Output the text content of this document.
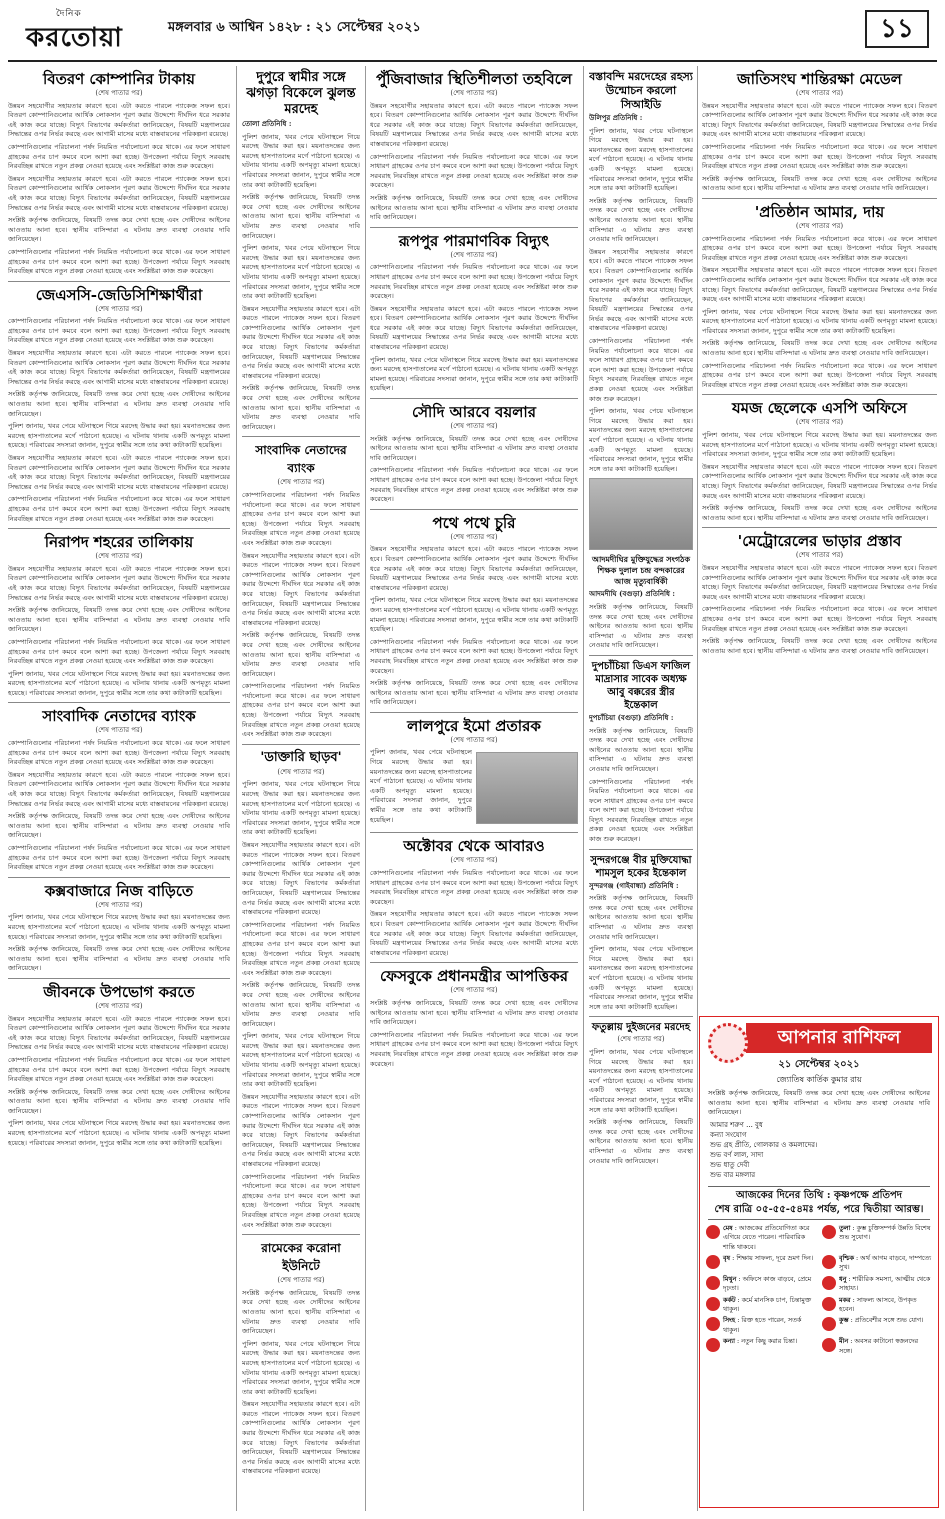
দৈনিক
করতোয়া	মঙ্গলবার ৬ আশ্বিন ১৪২৮ : ২১ সেপ্টেম্বর ২০২১	১১
বিতরণ কোম্পানির টাকায়
(শেষ পাতার পর)

উন্নয়ন সহযোগীর সহায়তার কারণে হবে। এটা করতে পারলে প্যাকেজ সফল হবে। বিতরণ কোম্পানিগুলোর আর্থিক লোকসান পূরণ করার উদ্দেশ্যে দীর্ঘদিন ধরে সরকার এই কাজ করে যাচ্ছে। বিদ্যুৎ বিভাগের কর্মকর্তারা জানিয়েছেন, বিষয়টি মন্ত্রণালয়ের সিদ্ধান্তের ওপর নির্ভর করছে এবং আগামী মাসের মধ্যে বাস্তবায়নের পরিকল্পনা রয়েছে।

কোম্পানিগুলোর পরিচালনা পর্ষদ নিয়মিত পর্যালোচনা করে থাকে। এর ফলে সাধারণ গ্রাহকের ওপর চাপ কমবে বলে আশা করা হচ্ছে। উপজেলা পর্যায়ে বিদ্যুৎ সরবরাহ নিরবচ্ছিন্ন রাখতে নতুন প্রকল্প নেওয়া হয়েছে এবং সংশ্লিষ্টরা কাজ শুরু করেছেন।

উন্নয়ন সহযোগীর সহায়তার কারণে হবে। এটা করতে পারলে প্যাকেজ সফল হবে। বিতরণ কোম্পানিগুলোর আর্থিক লোকসান পূরণ করার উদ্দেশ্যে দীর্ঘদিন ধরে সরকার এই কাজ করে যাচ্ছে। বিদ্যুৎ বিভাগের কর্মকর্তারা জানিয়েছেন, বিষয়টি মন্ত্রণালয়ের সিদ্ধান্তের ওপর নির্ভর করছে এবং আগামী মাসের মধ্যে বাস্তবায়নের পরিকল্পনা রয়েছে।

সংশ্লিষ্ট কর্তৃপক্ষ জানিয়েছে, বিষয়টি তদন্ত করে দেখা হচ্ছে এবং দোষীদের আইনের আওতায় আনা হবে। স্থানীয় বাসিন্দারা এ ঘটনায় দ্রুত ব্যবস্থা নেওয়ার দাবি জানিয়েছেন।

কোম্পানিগুলোর পরিচালনা পর্ষদ নিয়মিত পর্যালোচনা করে থাকে। এর ফলে সাধারণ গ্রাহকের ওপর চাপ কমবে বলে আশা করা হচ্ছে। উপজেলা পর্যায়ে বিদ্যুৎ সরবরাহ নিরবচ্ছিন্ন রাখতে নতুন প্রকল্প নেওয়া হয়েছে এবং সংশ্লিষ্টরা কাজ শুরু করেছেন।

জেএসসি-জেডিসিশিক্ষার্থীরা
(শেষ পাতার পর)

কোম্পানিগুলোর পরিচালনা পর্ষদ নিয়মিত পর্যালোচনা করে থাকে। এর ফলে সাধারণ গ্রাহকের ওপর চাপ কমবে বলে আশা করা হচ্ছে। উপজেলা পর্যায়ে বিদ্যুৎ সরবরাহ নিরবচ্ছিন্ন রাখতে নতুন প্রকল্প নেওয়া হয়েছে এবং সংশ্লিষ্টরা কাজ শুরু করেছেন।

উন্নয়ন সহযোগীর সহায়তার কারণে হবে। এটা করতে পারলে প্যাকেজ সফল হবে। বিতরণ কোম্পানিগুলোর আর্থিক লোকসান পূরণ করার উদ্দেশ্যে দীর্ঘদিন ধরে সরকার এই কাজ করে যাচ্ছে। বিদ্যুৎ বিভাগের কর্মকর্তারা জানিয়েছেন, বিষয়টি মন্ত্রণালয়ের সিদ্ধান্তের ওপর নির্ভর করছে এবং আগামী মাসের মধ্যে বাস্তবায়নের পরিকল্পনা রয়েছে।

সংশ্লিষ্ট কর্তৃপক্ষ জানিয়েছে, বিষয়টি তদন্ত করে দেখা হচ্ছে এবং দোষীদের আইনের আওতায় আনা হবে। স্থানীয় বাসিন্দারা এ ঘটনায় দ্রুত ব্যবস্থা নেওয়ার দাবি জানিয়েছেন।

পুলিশ জানায়, খবর পেয়ে ঘটনাস্থলে গিয়ে মরদেহ উদ্ধার করা হয়। ময়নাতদন্তের জন্য মরদেহ হাসপাতালের মর্গে পাঠানো হয়েছে। এ ঘটনায় থানায় একটি অপমৃত্যু মামলা হয়েছে। পরিবারের সদস্যরা জানান, দুপুরে স্বামীর সঙ্গে তার কথা কাটাকাটি হয়েছিল।

উন্নয়ন সহযোগীর সহায়তার কারণে হবে। এটা করতে পারলে প্যাকেজ সফল হবে। বিতরণ কোম্পানিগুলোর আর্থিক লোকসান পূরণ করার উদ্দেশ্যে দীর্ঘদিন ধরে সরকার এই কাজ করে যাচ্ছে। বিদ্যুৎ বিভাগের কর্মকর্তারা জানিয়েছেন, বিষয়টি মন্ত্রণালয়ের সিদ্ধান্তের ওপর নির্ভর করছে এবং আগামী মাসের মধ্যে বাস্তবায়নের পরিকল্পনা রয়েছে।

কোম্পানিগুলোর পরিচালনা পর্ষদ নিয়মিত পর্যালোচনা করে থাকে। এর ফলে সাধারণ গ্রাহকের ওপর চাপ কমবে বলে আশা করা হচ্ছে। উপজেলা পর্যায়ে বিদ্যুৎ সরবরাহ নিরবচ্ছিন্ন রাখতে নতুন প্রকল্প নেওয়া হয়েছে এবং সংশ্লিষ্টরা কাজ শুরু করেছেন।

নিরাপদ শহরের তালিকায়
(শেষ পাতার পর)

উন্নয়ন সহযোগীর সহায়তার কারণে হবে। এটা করতে পারলে প্যাকেজ সফল হবে। বিতরণ কোম্পানিগুলোর আর্থিক লোকসান পূরণ করার উদ্দেশ্যে দীর্ঘদিন ধরে সরকার এই কাজ করে যাচ্ছে। বিদ্যুৎ বিভাগের কর্মকর্তারা জানিয়েছেন, বিষয়টি মন্ত্রণালয়ের সিদ্ধান্তের ওপর নির্ভর করছে এবং আগামী মাসের মধ্যে বাস্তবায়নের পরিকল্পনা রয়েছে।

সংশ্লিষ্ট কর্তৃপক্ষ জানিয়েছে, বিষয়টি তদন্ত করে দেখা হচ্ছে এবং দোষীদের আইনের আওতায় আনা হবে। স্থানীয় বাসিন্দারা এ ঘটনায় দ্রুত ব্যবস্থা নেওয়ার দাবি জানিয়েছেন।

কোম্পানিগুলোর পরিচালনা পর্ষদ নিয়মিত পর্যালোচনা করে থাকে। এর ফলে সাধারণ গ্রাহকের ওপর চাপ কমবে বলে আশা করা হচ্ছে। উপজেলা পর্যায়ে বিদ্যুৎ সরবরাহ নিরবচ্ছিন্ন রাখতে নতুন প্রকল্প নেওয়া হয়েছে এবং সংশ্লিষ্টরা কাজ শুরু করেছেন।

পুলিশ জানায়, খবর পেয়ে ঘটনাস্থলে গিয়ে মরদেহ উদ্ধার করা হয়। ময়নাতদন্তের জন্য মরদেহ হাসপাতালের মর্গে পাঠানো হয়েছে। এ ঘটনায় থানায় একটি অপমৃত্যু মামলা হয়েছে। পরিবারের সদস্যরা জানান, দুপুরে স্বামীর সঙ্গে তার কথা কাটাকাটি হয়েছিল।

সাংবাদিক নেতাদের ব্যাংক
(শেষ পাতার পর)

কোম্পানিগুলোর পরিচালনা পর্ষদ নিয়মিত পর্যালোচনা করে থাকে। এর ফলে সাধারণ গ্রাহকের ওপর চাপ কমবে বলে আশা করা হচ্ছে। উপজেলা পর্যায়ে বিদ্যুৎ সরবরাহ নিরবচ্ছিন্ন রাখতে নতুন প্রকল্প নেওয়া হয়েছে এবং সংশ্লিষ্টরা কাজ শুরু করেছেন।

উন্নয়ন সহযোগীর সহায়তার কারণে হবে। এটা করতে পারলে প্যাকেজ সফল হবে। বিতরণ কোম্পানিগুলোর আর্থিক লোকসান পূরণ করার উদ্দেশ্যে দীর্ঘদিন ধরে সরকার এই কাজ করে যাচ্ছে। বিদ্যুৎ বিভাগের কর্মকর্তারা জানিয়েছেন, বিষয়টি মন্ত্রণালয়ের সিদ্ধান্তের ওপর নির্ভর করছে এবং আগামী মাসের মধ্যে বাস্তবায়নের পরিকল্পনা রয়েছে।

সংশ্লিষ্ট কর্তৃপক্ষ জানিয়েছে, বিষয়টি তদন্ত করে দেখা হচ্ছে এবং দোষীদের আইনের আওতায় আনা হবে। স্থানীয় বাসিন্দারা এ ঘটনায় দ্রুত ব্যবস্থা নেওয়ার দাবি জানিয়েছেন।

কোম্পানিগুলোর পরিচালনা পর্ষদ নিয়মিত পর্যালোচনা করে থাকে। এর ফলে সাধারণ গ্রাহকের ওপর চাপ কমবে বলে আশা করা হচ্ছে। উপজেলা পর্যায়ে বিদ্যুৎ সরবরাহ নিরবচ্ছিন্ন রাখতে নতুন প্রকল্প নেওয়া হয়েছে এবং সংশ্লিষ্টরা কাজ শুরু করেছেন।

কক্সবাজারে নিজ বাড়িতে
(শেষ পাতার পর)

পুলিশ জানায়, খবর পেয়ে ঘটনাস্থলে গিয়ে মরদেহ উদ্ধার করা হয়। ময়নাতদন্তের জন্য মরদেহ হাসপাতালের মর্গে পাঠানো হয়েছে। এ ঘটনায় থানায় একটি অপমৃত্যু মামলা হয়েছে। পরিবারের সদস্যরা জানান, দুপুরে স্বামীর সঙ্গে তার কথা কাটাকাটি হয়েছিল।

সংশ্লিষ্ট কর্তৃপক্ষ জানিয়েছে, বিষয়টি তদন্ত করে দেখা হচ্ছে এবং দোষীদের আইনের আওতায় আনা হবে। স্থানীয় বাসিন্দারা এ ঘটনায় দ্রুত ব্যবস্থা নেওয়ার দাবি জানিয়েছেন।

জীবনকে উপভোগ করতে
(শেষ পাতার পর)

উন্নয়ন সহযোগীর সহায়তার কারণে হবে। এটা করতে পারলে প্যাকেজ সফল হবে। বিতরণ কোম্পানিগুলোর আর্থিক লোকসান পূরণ করার উদ্দেশ্যে দীর্ঘদিন ধরে সরকার এই কাজ করে যাচ্ছে। বিদ্যুৎ বিভাগের কর্মকর্তারা জানিয়েছেন, বিষয়টি মন্ত্রণালয়ের সিদ্ধান্তের ওপর নির্ভর করছে এবং আগামী মাসের মধ্যে বাস্তবায়নের পরিকল্পনা রয়েছে।

কোম্পানিগুলোর পরিচালনা পর্ষদ নিয়মিত পর্যালোচনা করে থাকে। এর ফলে সাধারণ গ্রাহকের ওপর চাপ কমবে বলে আশা করা হচ্ছে। উপজেলা পর্যায়ে বিদ্যুৎ সরবরাহ নিরবচ্ছিন্ন রাখতে নতুন প্রকল্প নেওয়া হয়েছে এবং সংশ্লিষ্টরা কাজ শুরু করেছেন।

সংশ্লিষ্ট কর্তৃপক্ষ জানিয়েছে, বিষয়টি তদন্ত করে দেখা হচ্ছে এবং দোষীদের আইনের আওতায় আনা হবে। স্থানীয় বাসিন্দারা এ ঘটনায় দ্রুত ব্যবস্থা নেওয়ার দাবি জানিয়েছেন।

পুলিশ জানায়, খবর পেয়ে ঘটনাস্থলে গিয়ে মরদেহ উদ্ধার করা হয়। ময়নাতদন্তের জন্য মরদেহ হাসপাতালের মর্গে পাঠানো হয়েছে। এ ঘটনায় থানায় একটি অপমৃত্যু মামলা হয়েছে। পরিবারের সদস্যরা জানান, দুপুরে স্বামীর সঙ্গে তার কথা কাটাকাটি হয়েছিল।

দুপুরে স্বামীর সঙ্গে ঝগড়া বিকেলে ঝুলন্ত মরদেহ

তোলা প্রতিনিধি :

পুলিশ জানায়, খবর পেয়ে ঘটনাস্থলে গিয়ে মরদেহ উদ্ধার করা হয়। ময়নাতদন্তের জন্য মরদেহ হাসপাতালের মর্গে পাঠানো হয়েছে। এ ঘটনায় থানায় একটি অপমৃত্যু মামলা হয়েছে। পরিবারের সদস্যরা জানান, দুপুরে স্বামীর সঙ্গে তার কথা কাটাকাটি হয়েছিল।

সংশ্লিষ্ট কর্তৃপক্ষ জানিয়েছে, বিষয়টি তদন্ত করে দেখা হচ্ছে এবং দোষীদের আইনের আওতায় আনা হবে। স্থানীয় বাসিন্দারা এ ঘটনায় দ্রুত ব্যবস্থা নেওয়ার দাবি জানিয়েছেন।

পুলিশ জানায়, খবর পেয়ে ঘটনাস্থলে গিয়ে মরদেহ উদ্ধার করা হয়। ময়নাতদন্তের জন্য মরদেহ হাসপাতালের মর্গে পাঠানো হয়েছে। এ ঘটনায় থানায় একটি অপমৃত্যু মামলা হয়েছে। পরিবারের সদস্যরা জানান, দুপুরে স্বামীর সঙ্গে তার কথা কাটাকাটি হয়েছিল।

উন্নয়ন সহযোগীর সহায়তার কারণে হবে। এটা করতে পারলে প্যাকেজ সফল হবে। বিতরণ কোম্পানিগুলোর আর্থিক লোকসান পূরণ করার উদ্দেশ্যে দীর্ঘদিন ধরে সরকার এই কাজ করে যাচ্ছে। বিদ্যুৎ বিভাগের কর্মকর্তারা জানিয়েছেন, বিষয়টি মন্ত্রণালয়ের সিদ্ধান্তের ওপর নির্ভর করছে এবং আগামী মাসের মধ্যে বাস্তবায়নের পরিকল্পনা রয়েছে।

সংশ্লিষ্ট কর্তৃপক্ষ জানিয়েছে, বিষয়টি তদন্ত করে দেখা হচ্ছে এবং দোষীদের আইনের আওতায় আনা হবে। স্থানীয় বাসিন্দারা এ ঘটনায় দ্রুত ব্যবস্থা নেওয়ার দাবি জানিয়েছেন।

সাংবাদিক নেতাদের ব্যাংক
(শেষ পাতার পর)

কোম্পানিগুলোর পরিচালনা পর্ষদ নিয়মিত পর্যালোচনা করে থাকে। এর ফলে সাধারণ গ্রাহকের ওপর চাপ কমবে বলে আশা করা হচ্ছে। উপজেলা পর্যায়ে বিদ্যুৎ সরবরাহ নিরবচ্ছিন্ন রাখতে নতুন প্রকল্প নেওয়া হয়েছে এবং সংশ্লিষ্টরা কাজ শুরু করেছেন।

উন্নয়ন সহযোগীর সহায়তার কারণে হবে। এটা করতে পারলে প্যাকেজ সফল হবে। বিতরণ কোম্পানিগুলোর আর্থিক লোকসান পূরণ করার উদ্দেশ্যে দীর্ঘদিন ধরে সরকার এই কাজ করে যাচ্ছে। বিদ্যুৎ বিভাগের কর্মকর্তারা জানিয়েছেন, বিষয়টি মন্ত্রণালয়ের সিদ্ধান্তের ওপর নির্ভর করছে এবং আগামী মাসের মধ্যে বাস্তবায়নের পরিকল্পনা রয়েছে।

সংশ্লিষ্ট কর্তৃপক্ষ জানিয়েছে, বিষয়টি তদন্ত করে দেখা হচ্ছে এবং দোষীদের আইনের আওতায় আনা হবে। স্থানীয় বাসিন্দারা এ ঘটনায় দ্রুত ব্যবস্থা নেওয়ার দাবি জানিয়েছেন।

কোম্পানিগুলোর পরিচালনা পর্ষদ নিয়মিত পর্যালোচনা করে থাকে। এর ফলে সাধারণ গ্রাহকের ওপর চাপ কমবে বলে আশা করা হচ্ছে। উপজেলা পর্যায়ে বিদ্যুৎ সরবরাহ নিরবচ্ছিন্ন রাখতে নতুন প্রকল্প নেওয়া হয়েছে এবং সংশ্লিষ্টরা কাজ শুরু করেছেন।

'ডাক্তারি ছাড়ব'
(শেষ পাতার পর)

পুলিশ জানায়, খবর পেয়ে ঘটনাস্থলে গিয়ে মরদেহ উদ্ধার করা হয়। ময়নাতদন্তের জন্য মরদেহ হাসপাতালের মর্গে পাঠানো হয়েছে। এ ঘটনায় থানায় একটি অপমৃত্যু মামলা হয়েছে। পরিবারের সদস্যরা জানান, দুপুরে স্বামীর সঙ্গে তার কথা কাটাকাটি হয়েছিল।

উন্নয়ন সহযোগীর সহায়তার কারণে হবে। এটা করতে পারলে প্যাকেজ সফল হবে। বিতরণ কোম্পানিগুলোর আর্থিক লোকসান পূরণ করার উদ্দেশ্যে দীর্ঘদিন ধরে সরকার এই কাজ করে যাচ্ছে। বিদ্যুৎ বিভাগের কর্মকর্তারা জানিয়েছেন, বিষয়টি মন্ত্রণালয়ের সিদ্ধান্তের ওপর নির্ভর করছে এবং আগামী মাসের মধ্যে বাস্তবায়নের পরিকল্পনা রয়েছে।

কোম্পানিগুলোর পরিচালনা পর্ষদ নিয়মিত পর্যালোচনা করে থাকে। এর ফলে সাধারণ গ্রাহকের ওপর চাপ কমবে বলে আশা করা হচ্ছে। উপজেলা পর্যায়ে বিদ্যুৎ সরবরাহ নিরবচ্ছিন্ন রাখতে নতুন প্রকল্প নেওয়া হয়েছে এবং সংশ্লিষ্টরা কাজ শুরু করেছেন।

সংশ্লিষ্ট কর্তৃপক্ষ জানিয়েছে, বিষয়টি তদন্ত করে দেখা হচ্ছে এবং দোষীদের আইনের আওতায় আনা হবে। স্থানীয় বাসিন্দারা এ ঘটনায় দ্রুত ব্যবস্থা নেওয়ার দাবি জানিয়েছেন।

পুলিশ জানায়, খবর পেয়ে ঘটনাস্থলে গিয়ে মরদেহ উদ্ধার করা হয়। ময়নাতদন্তের জন্য মরদেহ হাসপাতালের মর্গে পাঠানো হয়েছে। এ ঘটনায় থানায় একটি অপমৃত্যু মামলা হয়েছে। পরিবারের সদস্যরা জানান, দুপুরে স্বামীর সঙ্গে তার কথা কাটাকাটি হয়েছিল।

উন্নয়ন সহযোগীর সহায়তার কারণে হবে। এটা করতে পারলে প্যাকেজ সফল হবে। বিতরণ কোম্পানিগুলোর আর্থিক লোকসান পূরণ করার উদ্দেশ্যে দীর্ঘদিন ধরে সরকার এই কাজ করে যাচ্ছে। বিদ্যুৎ বিভাগের কর্মকর্তারা জানিয়েছেন, বিষয়টি মন্ত্রণালয়ের সিদ্ধান্তের ওপর নির্ভর করছে এবং আগামী মাসের মধ্যে বাস্তবায়নের পরিকল্পনা রয়েছে।

কোম্পানিগুলোর পরিচালনা পর্ষদ নিয়মিত পর্যালোচনা করে থাকে। এর ফলে সাধারণ গ্রাহকের ওপর চাপ কমবে বলে আশা করা হচ্ছে। উপজেলা পর্যায়ে বিদ্যুৎ সরবরাহ নিরবচ্ছিন্ন রাখতে নতুন প্রকল্প নেওয়া হয়েছে এবং সংশ্লিষ্টরা কাজ শুরু করেছেন।

রামেকের করোনা ইউনিটে
(শেষ পাতার পর)

সংশ্লিষ্ট কর্তৃপক্ষ জানিয়েছে, বিষয়টি তদন্ত করে দেখা হচ্ছে এবং দোষীদের আইনের আওতায় আনা হবে। স্থানীয় বাসিন্দারা এ ঘটনায় দ্রুত ব্যবস্থা নেওয়ার দাবি জানিয়েছেন।

পুলিশ জানায়, খবর পেয়ে ঘটনাস্থলে গিয়ে মরদেহ উদ্ধার করা হয়। ময়নাতদন্তের জন্য মরদেহ হাসপাতালের মর্গে পাঠানো হয়েছে। এ ঘটনায় থানায় একটি অপমৃত্যু মামলা হয়েছে। পরিবারের সদস্যরা জানান, দুপুরে স্বামীর সঙ্গে তার কথা কাটাকাটি হয়েছিল।

উন্নয়ন সহযোগীর সহায়তার কারণে হবে। এটা করতে পারলে প্যাকেজ সফল হবে। বিতরণ কোম্পানিগুলোর আর্থিক লোকসান পূরণ করার উদ্দেশ্যে দীর্ঘদিন ধরে সরকার এই কাজ করে যাচ্ছে। বিদ্যুৎ বিভাগের কর্মকর্তারা জানিয়েছেন, বিষয়টি মন্ত্রণালয়ের সিদ্ধান্তের ওপর নির্ভর করছে এবং আগামী মাসের মধ্যে বাস্তবায়নের পরিকল্পনা রয়েছে।

পুঁজিবাজার স্থিতিশীলতা তহবিলে
(শেষ পাতার পর)

উন্নয়ন সহযোগীর সহায়তার কারণে হবে। এটা করতে পারলে প্যাকেজ সফল হবে। বিতরণ কোম্পানিগুলোর আর্থিক লোকসান পূরণ করার উদ্দেশ্যে দীর্ঘদিন ধরে সরকার এই কাজ করে যাচ্ছে। বিদ্যুৎ বিভাগের কর্মকর্তারা জানিয়েছেন, বিষয়টি মন্ত্রণালয়ের সিদ্ধান্তের ওপর নির্ভর করছে এবং আগামী মাসের মধ্যে বাস্তবায়নের পরিকল্পনা রয়েছে।

কোম্পানিগুলোর পরিচালনা পর্ষদ নিয়মিত পর্যালোচনা করে থাকে। এর ফলে সাধারণ গ্রাহকের ওপর চাপ কমবে বলে আশা করা হচ্ছে। উপজেলা পর্যায়ে বিদ্যুৎ সরবরাহ নিরবচ্ছিন্ন রাখতে নতুন প্রকল্প নেওয়া হয়েছে এবং সংশ্লিষ্টরা কাজ শুরু করেছেন।

সংশ্লিষ্ট কর্তৃপক্ষ জানিয়েছে, বিষয়টি তদন্ত করে দেখা হচ্ছে এবং দোষীদের আইনের আওতায় আনা হবে। স্থানীয় বাসিন্দারা এ ঘটনায় দ্রুত ব্যবস্থা নেওয়ার দাবি জানিয়েছেন।

রূপপুর পারমাণবিক বিদ্যুৎ
(শেষ পাতার পর)

কোম্পানিগুলোর পরিচালনা পর্ষদ নিয়মিত পর্যালোচনা করে থাকে। এর ফলে সাধারণ গ্রাহকের ওপর চাপ কমবে বলে আশা করা হচ্ছে। উপজেলা পর্যায়ে বিদ্যুৎ সরবরাহ নিরবচ্ছিন্ন রাখতে নতুন প্রকল্প নেওয়া হয়েছে এবং সংশ্লিষ্টরা কাজ শুরু করেছেন।

উন্নয়ন সহযোগীর সহায়তার কারণে হবে। এটা করতে পারলে প্যাকেজ সফল হবে। বিতরণ কোম্পানিগুলোর আর্থিক লোকসান পূরণ করার উদ্দেশ্যে দীর্ঘদিন ধরে সরকার এই কাজ করে যাচ্ছে। বিদ্যুৎ বিভাগের কর্মকর্তারা জানিয়েছেন, বিষয়টি মন্ত্রণালয়ের সিদ্ধান্তের ওপর নির্ভর করছে এবং আগামী মাসের মধ্যে বাস্তবায়নের পরিকল্পনা রয়েছে।

পুলিশ জানায়, খবর পেয়ে ঘটনাস্থলে গিয়ে মরদেহ উদ্ধার করা হয়। ময়নাতদন্তের জন্য মরদেহ হাসপাতালের মর্গে পাঠানো হয়েছে। এ ঘটনায় থানায় একটি অপমৃত্যু মামলা হয়েছে। পরিবারের সদস্যরা জানান, দুপুরে স্বামীর সঙ্গে তার কথা কাটাকাটি হয়েছিল।

সৌদি আরবে বয়লার
(শেষ পাতার পর)

সংশ্লিষ্ট কর্তৃপক্ষ জানিয়েছে, বিষয়টি তদন্ত করে দেখা হচ্ছে এবং দোষীদের আইনের আওতায় আনা হবে। স্থানীয় বাসিন্দারা এ ঘটনায় দ্রুত ব্যবস্থা নেওয়ার দাবি জানিয়েছেন।

কোম্পানিগুলোর পরিচালনা পর্ষদ নিয়মিত পর্যালোচনা করে থাকে। এর ফলে সাধারণ গ্রাহকের ওপর চাপ কমবে বলে আশা করা হচ্ছে। উপজেলা পর্যায়ে বিদ্যুৎ সরবরাহ নিরবচ্ছিন্ন রাখতে নতুন প্রকল্প নেওয়া হয়েছে এবং সংশ্লিষ্টরা কাজ শুরু করেছেন।

পথে পথে চুরি
(শেষ পাতার পর)

উন্নয়ন সহযোগীর সহায়তার কারণে হবে। এটা করতে পারলে প্যাকেজ সফল হবে। বিতরণ কোম্পানিগুলোর আর্থিক লোকসান পূরণ করার উদ্দেশ্যে দীর্ঘদিন ধরে সরকার এই কাজ করে যাচ্ছে। বিদ্যুৎ বিভাগের কর্মকর্তারা জানিয়েছেন, বিষয়টি মন্ত্রণালয়ের সিদ্ধান্তের ওপর নির্ভর করছে এবং আগামী মাসের মধ্যে বাস্তবায়নের পরিকল্পনা রয়েছে।

পুলিশ জানায়, খবর পেয়ে ঘটনাস্থলে গিয়ে মরদেহ উদ্ধার করা হয়। ময়নাতদন্তের জন্য মরদেহ হাসপাতালের মর্গে পাঠানো হয়েছে। এ ঘটনায় থানায় একটি অপমৃত্যু মামলা হয়েছে। পরিবারের সদস্যরা জানান, দুপুরে স্বামীর সঙ্গে তার কথা কাটাকাটি হয়েছিল।

কোম্পানিগুলোর পরিচালনা পর্ষদ নিয়মিত পর্যালোচনা করে থাকে। এর ফলে সাধারণ গ্রাহকের ওপর চাপ কমবে বলে আশা করা হচ্ছে। উপজেলা পর্যায়ে বিদ্যুৎ সরবরাহ নিরবচ্ছিন্ন রাখতে নতুন প্রকল্প নেওয়া হয়েছে এবং সংশ্লিষ্টরা কাজ শুরু করেছেন।

সংশ্লিষ্ট কর্তৃপক্ষ জানিয়েছে, বিষয়টি তদন্ত করে দেখা হচ্ছে এবং দোষীদের আইনের আওতায় আনা হবে। স্থানীয় বাসিন্দারা এ ঘটনায় দ্রুত ব্যবস্থা নেওয়ার দাবি জানিয়েছেন।

লালপুরে ইমো প্রতারক
(শেষ পাতার পর)

পুলিশ জানায়, খবর পেয়ে ঘটনাস্থলে গিয়ে মরদেহ উদ্ধার করা হয়। ময়নাতদন্তের জন্য মরদেহ হাসপাতালের মর্গে পাঠানো হয়েছে। এ ঘটনায় থানায় একটি অপমৃত্যু মামলা হয়েছে। পরিবারের সদস্যরা জানান, দুপুরে স্বামীর সঙ্গে তার কথা কাটাকাটি হয়েছিল।

অক্টোবর থেকে আবারও
(শেষ পাতার পর)

কোম্পানিগুলোর পরিচালনা পর্ষদ নিয়মিত পর্যালোচনা করে থাকে। এর ফলে সাধারণ গ্রাহকের ওপর চাপ কমবে বলে আশা করা হচ্ছে। উপজেলা পর্যায়ে বিদ্যুৎ সরবরাহ নিরবচ্ছিন্ন রাখতে নতুন প্রকল্প নেওয়া হয়েছে এবং সংশ্লিষ্টরা কাজ শুরু করেছেন।

উন্নয়ন সহযোগীর সহায়তার কারণে হবে। এটা করতে পারলে প্যাকেজ সফল হবে। বিতরণ কোম্পানিগুলোর আর্থিক লোকসান পূরণ করার উদ্দেশ্যে দীর্ঘদিন ধরে সরকার এই কাজ করে যাচ্ছে। বিদ্যুৎ বিভাগের কর্মকর্তারা জানিয়েছেন, বিষয়টি মন্ত্রণালয়ের সিদ্ধান্তের ওপর নির্ভর করছে এবং আগামী মাসের মধ্যে বাস্তবায়নের পরিকল্পনা রয়েছে।

ফেসবুকে প্রধানমন্ত্রীর আপত্তিকর
(শেষ পাতার পর)

সংশ্লিষ্ট কর্তৃপক্ষ জানিয়েছে, বিষয়টি তদন্ত করে দেখা হচ্ছে এবং দোষীদের আইনের আওতায় আনা হবে। স্থানীয় বাসিন্দারা এ ঘটনায় দ্রুত ব্যবস্থা নেওয়ার দাবি জানিয়েছেন।

কোম্পানিগুলোর পরিচালনা পর্ষদ নিয়মিত পর্যালোচনা করে থাকে। এর ফলে সাধারণ গ্রাহকের ওপর চাপ কমবে বলে আশা করা হচ্ছে। উপজেলা পর্যায়ে বিদ্যুৎ সরবরাহ নিরবচ্ছিন্ন রাখতে নতুন প্রকল্প নেওয়া হয়েছে এবং সংশ্লিষ্টরা কাজ শুরু করেছেন।

বস্তাবন্দি মরদেহের রহস্য উন্মোচন করলো সিআইডি

উলিপুর প্রতিনিধি :

পুলিশ জানায়, খবর পেয়ে ঘটনাস্থলে গিয়ে মরদেহ উদ্ধার করা হয়। ময়নাতদন্তের জন্য মরদেহ হাসপাতালের মর্গে পাঠানো হয়েছে। এ ঘটনায় থানায় একটি অপমৃত্যু মামলা হয়েছে। পরিবারের সদস্যরা জানান, দুপুরে স্বামীর সঙ্গে তার কথা কাটাকাটি হয়েছিল।

সংশ্লিষ্ট কর্তৃপক্ষ জানিয়েছে, বিষয়টি তদন্ত করে দেখা হচ্ছে এবং দোষীদের আইনের আওতায় আনা হবে। স্থানীয় বাসিন্দারা এ ঘটনায় দ্রুত ব্যবস্থা নেওয়ার দাবি জানিয়েছেন।

উন্নয়ন সহযোগীর সহায়তার কারণে হবে। এটা করতে পারলে প্যাকেজ সফল হবে। বিতরণ কোম্পানিগুলোর আর্থিক লোকসান পূরণ করার উদ্দেশ্যে দীর্ঘদিন ধরে সরকার এই কাজ করে যাচ্ছে। বিদ্যুৎ বিভাগের কর্মকর্তারা জানিয়েছেন, বিষয়টি মন্ত্রণালয়ের সিদ্ধান্তের ওপর নির্ভর করছে এবং আগামী মাসের মধ্যে বাস্তবায়নের পরিকল্পনা রয়েছে।

কোম্পানিগুলোর পরিচালনা পর্ষদ নিয়মিত পর্যালোচনা করে থাকে। এর ফলে সাধারণ গ্রাহকের ওপর চাপ কমবে বলে আশা করা হচ্ছে। উপজেলা পর্যায়ে বিদ্যুৎ সরবরাহ নিরবচ্ছিন্ন রাখতে নতুন প্রকল্প নেওয়া হয়েছে এবং সংশ্লিষ্টরা কাজ শুরু করেছেন।

পুলিশ জানায়, খবর পেয়ে ঘটনাস্থলে গিয়ে মরদেহ উদ্ধার করা হয়। ময়নাতদন্তের জন্য মরদেহ হাসপাতালের মর্গে পাঠানো হয়েছে। এ ঘটনায় থানায় একটি অপমৃত্যু মামলা হয়েছে। পরিবারের সদস্যরা জানান, দুপুরে স্বামীর সঙ্গে তার কথা কাটাকাটি হয়েছিল।

আদমদীঘির মুক্তিযুদ্ধের সংগঠক শিক্ষক দুলাল চন্দ্র বন্দকারের আজ মৃত্যুবার্ষিকী

আদমদীঘি (বগুড়া) প্রতিনিধি :

সংশ্লিষ্ট কর্তৃপক্ষ জানিয়েছে, বিষয়টি তদন্ত করে দেখা হচ্ছে এবং দোষীদের আইনের আওতায় আনা হবে। স্থানীয় বাসিন্দারা এ ঘটনায় দ্রুত ব্যবস্থা নেওয়ার দাবি জানিয়েছেন।

দুপচাঁচিয়া ডিএস ফাজিল মাদ্রাসার সাবেক অধ্যক্ষ আবু বক্করের স্ত্রীর ইন্তেকাল

দুপচাঁচিয়া (বগুড়া) প্রতিনিধি :

সংশ্লিষ্ট কর্তৃপক্ষ জানিয়েছে, বিষয়টি তদন্ত করে দেখা হচ্ছে এবং দোষীদের আইনের আওতায় আনা হবে। স্থানীয় বাসিন্দারা এ ঘটনায় দ্রুত ব্যবস্থা নেওয়ার দাবি জানিয়েছেন।

কোম্পানিগুলোর পরিচালনা পর্ষদ নিয়মিত পর্যালোচনা করে থাকে। এর ফলে সাধারণ গ্রাহকের ওপর চাপ কমবে বলে আশা করা হচ্ছে। উপজেলা পর্যায়ে বিদ্যুৎ সরবরাহ নিরবচ্ছিন্ন রাখতে নতুন প্রকল্প নেওয়া হয়েছে এবং সংশ্লিষ্টরা কাজ শুরু করেছেন।

সুন্দরগঞ্জে বীর মুক্তিযোদ্ধা শামসুল হকের ইন্তেকাল

সুন্দরগঞ্জ (গাইবান্ধা) প্রতিনিধি :

সংশ্লিষ্ট কর্তৃপক্ষ জানিয়েছে, বিষয়টি তদন্ত করে দেখা হচ্ছে এবং দোষীদের আইনের আওতায় আনা হবে। স্থানীয় বাসিন্দারা এ ঘটনায় দ্রুত ব্যবস্থা নেওয়ার দাবি জানিয়েছেন।

পুলিশ জানায়, খবর পেয়ে ঘটনাস্থলে গিয়ে মরদেহ উদ্ধার করা হয়। ময়নাতদন্তের জন্য মরদেহ হাসপাতালের মর্গে পাঠানো হয়েছে। এ ঘটনায় থানায় একটি অপমৃত্যু মামলা হয়েছে। পরিবারের সদস্যরা জানান, দুপুরে স্বামীর সঙ্গে তার কথা কাটাকাটি হয়েছিল।

ফতুল্লায় দুইজনের মরদেহ
(শেষ পাতার পর)

পুলিশ জানায়, খবর পেয়ে ঘটনাস্থলে গিয়ে মরদেহ উদ্ধার করা হয়। ময়নাতদন্তের জন্য মরদেহ হাসপাতালের মর্গে পাঠানো হয়েছে। এ ঘটনায় থানায় একটি অপমৃত্যু মামলা হয়েছে। পরিবারের সদস্যরা জানান, দুপুরে স্বামীর সঙ্গে তার কথা কাটাকাটি হয়েছিল।

সংশ্লিষ্ট কর্তৃপক্ষ জানিয়েছে, বিষয়টি তদন্ত করে দেখা হচ্ছে এবং দোষীদের আইনের আওতায় আনা হবে। স্থানীয় বাসিন্দারা এ ঘটনায় দ্রুত ব্যবস্থা নেওয়ার দাবি জানিয়েছেন।

জাতিসংঘ শান্তিরক্ষা মেডেল
(শেষ পাতার পর)

উন্নয়ন সহযোগীর সহায়তার কারণে হবে। এটা করতে পারলে প্যাকেজ সফল হবে। বিতরণ কোম্পানিগুলোর আর্থিক লোকসান পূরণ করার উদ্দেশ্যে দীর্ঘদিন ধরে সরকার এই কাজ করে যাচ্ছে। বিদ্যুৎ বিভাগের কর্মকর্তারা জানিয়েছেন, বিষয়টি মন্ত্রণালয়ের সিদ্ধান্তের ওপর নির্ভর করছে এবং আগামী মাসের মধ্যে বাস্তবায়নের পরিকল্পনা রয়েছে।

কোম্পানিগুলোর পরিচালনা পর্ষদ নিয়মিত পর্যালোচনা করে থাকে। এর ফলে সাধারণ গ্রাহকের ওপর চাপ কমবে বলে আশা করা হচ্ছে। উপজেলা পর্যায়ে বিদ্যুৎ সরবরাহ নিরবচ্ছিন্ন রাখতে নতুন প্রকল্প নেওয়া হয়েছে এবং সংশ্লিষ্টরা কাজ শুরু করেছেন।

সংশ্লিষ্ট কর্তৃপক্ষ জানিয়েছে, বিষয়টি তদন্ত করে দেখা হচ্ছে এবং দোষীদের আইনের আওতায় আনা হবে। স্থানীয় বাসিন্দারা এ ঘটনায় দ্রুত ব্যবস্থা নেওয়ার দাবি জানিয়েছেন।

'প্রতিষ্ঠান আমার, দায়
(শেষ পাতার পর)

কোম্পানিগুলোর পরিচালনা পর্ষদ নিয়মিত পর্যালোচনা করে থাকে। এর ফলে সাধারণ গ্রাহকের ওপর চাপ কমবে বলে আশা করা হচ্ছে। উপজেলা পর্যায়ে বিদ্যুৎ সরবরাহ নিরবচ্ছিন্ন রাখতে নতুন প্রকল্প নেওয়া হয়েছে এবং সংশ্লিষ্টরা কাজ শুরু করেছেন।

উন্নয়ন সহযোগীর সহায়তার কারণে হবে। এটা করতে পারলে প্যাকেজ সফল হবে। বিতরণ কোম্পানিগুলোর আর্থিক লোকসান পূরণ করার উদ্দেশ্যে দীর্ঘদিন ধরে সরকার এই কাজ করে যাচ্ছে। বিদ্যুৎ বিভাগের কর্মকর্তারা জানিয়েছেন, বিষয়টি মন্ত্রণালয়ের সিদ্ধান্তের ওপর নির্ভর করছে এবং আগামী মাসের মধ্যে বাস্তবায়নের পরিকল্পনা রয়েছে।

পুলিশ জানায়, খবর পেয়ে ঘটনাস্থলে গিয়ে মরদেহ উদ্ধার করা হয়। ময়নাতদন্তের জন্য মরদেহ হাসপাতালের মর্গে পাঠানো হয়েছে। এ ঘটনায় থানায় একটি অপমৃত্যু মামলা হয়েছে। পরিবারের সদস্যরা জানান, দুপুরে স্বামীর সঙ্গে তার কথা কাটাকাটি হয়েছিল।

সংশ্লিষ্ট কর্তৃপক্ষ জানিয়েছে, বিষয়টি তদন্ত করে দেখা হচ্ছে এবং দোষীদের আইনের আওতায় আনা হবে। স্থানীয় বাসিন্দারা এ ঘটনায় দ্রুত ব্যবস্থা নেওয়ার দাবি জানিয়েছেন।

কোম্পানিগুলোর পরিচালনা পর্ষদ নিয়মিত পর্যালোচনা করে থাকে। এর ফলে সাধারণ গ্রাহকের ওপর চাপ কমবে বলে আশা করা হচ্ছে। উপজেলা পর্যায়ে বিদ্যুৎ সরবরাহ নিরবচ্ছিন্ন রাখতে নতুন প্রকল্প নেওয়া হয়েছে এবং সংশ্লিষ্টরা কাজ শুরু করেছেন।

যমজ ছেলেকে এসপি অফিসে
(শেষ পাতার পর)

পুলিশ জানায়, খবর পেয়ে ঘটনাস্থলে গিয়ে মরদেহ উদ্ধার করা হয়। ময়নাতদন্তের জন্য মরদেহ হাসপাতালের মর্গে পাঠানো হয়েছে। এ ঘটনায় থানায় একটি অপমৃত্যু মামলা হয়েছে। পরিবারের সদস্যরা জানান, দুপুরে স্বামীর সঙ্গে তার কথা কাটাকাটি হয়েছিল।

উন্নয়ন সহযোগীর সহায়তার কারণে হবে। এটা করতে পারলে প্যাকেজ সফল হবে। বিতরণ কোম্পানিগুলোর আর্থিক লোকসান পূরণ করার উদ্দেশ্যে দীর্ঘদিন ধরে সরকার এই কাজ করে যাচ্ছে। বিদ্যুৎ বিভাগের কর্মকর্তারা জানিয়েছেন, বিষয়টি মন্ত্রণালয়ের সিদ্ধান্তের ওপর নির্ভর করছে এবং আগামী মাসের মধ্যে বাস্তবায়নের পরিকল্পনা রয়েছে।

সংশ্লিষ্ট কর্তৃপক্ষ জানিয়েছে, বিষয়টি তদন্ত করে দেখা হচ্ছে এবং দোষীদের আইনের আওতায় আনা হবে। স্থানীয় বাসিন্দারা এ ঘটনায় দ্রুত ব্যবস্থা নেওয়ার দাবি জানিয়েছেন।

'মেট্রোরেলের ভাড়ার প্রস্তাব
(শেষ পাতার পর)

উন্নয়ন সহযোগীর সহায়তার কারণে হবে। এটা করতে পারলে প্যাকেজ সফল হবে। বিতরণ কোম্পানিগুলোর আর্থিক লোকসান পূরণ করার উদ্দেশ্যে দীর্ঘদিন ধরে সরকার এই কাজ করে যাচ্ছে। বিদ্যুৎ বিভাগের কর্মকর্তারা জানিয়েছেন, বিষয়টি মন্ত্রণালয়ের সিদ্ধান্তের ওপর নির্ভর করছে এবং আগামী মাসের মধ্যে বাস্তবায়নের পরিকল্পনা রয়েছে।

কোম্পানিগুলোর পরিচালনা পর্ষদ নিয়মিত পর্যালোচনা করে থাকে। এর ফলে সাধারণ গ্রাহকের ওপর চাপ কমবে বলে আশা করা হচ্ছে। উপজেলা পর্যায়ে বিদ্যুৎ সরবরাহ নিরবচ্ছিন্ন রাখতে নতুন প্রকল্প নেওয়া হয়েছে এবং সংশ্লিষ্টরা কাজ শুরু করেছেন।

সংশ্লিষ্ট কর্তৃপক্ষ জানিয়েছে, বিষয়টি তদন্ত করে দেখা হচ্ছে এবং দোষীদের আইনের আওতায় আনা হবে। স্থানীয় বাসিন্দারা এ ঘটনায় দ্রুত ব্যবস্থা নেওয়ার দাবি জানিয়েছেন।

আপনার রাশিফল
২১ সেপ্টেম্বর ২০২১
জ্যোতিষ কার্তিক কুমার রায়
সংশ্লিষ্ট কর্তৃপক্ষ জানিয়েছে, বিষয়টি তদন্ত করে দেখা হচ্ছে এবং দোষীদের আইনের আওতায় আনা হবে। স্থানীয় বাসিন্দারা এ ঘটনায় দ্রুত ব্যবস্থা নেওয়ার দাবি জানিয়েছেন।
আমার শরুণ ... বুধ
কন্যা সংযোগ
শুভ গ্রহ প্রীতি, গোলকার ও কমলাদের।
শুভ বর্ণ লাল, সাদা
শুভ ধাতু দেবী
শুভ বার মঙ্গলার
আজকের দিনের তিথি : কৃষ্ণপক্ষে প্রতিপদ
শেষ রাত্রি ০৫-৫৫-৫৪মঃ পর্যন্ত, পরে দ্বিতীয়া আরম্ভ।
মেষ : আজকের প্রতিযোগিতা করে এগিয়ে যেতে পারেন। পারিবারিক শান্তি থাকবে।
তুলা : কুম্ভ চুক্তিসম্পর্ক উন্নতি বিশেষ শুভ সুযোগ।
বৃষ : শিক্ষায় সাফল্য, দূরে ভ্রমণ দিন।	বৃশ্চিক : অর্থ আগম বাড়বে, দাম্পত্যে সুখ।
মিথুন : অফিসে কাজ বাড়বে, প্রেমে দৃঢ়তা।
ধনু : শারীরিক সমস্যা, আত্মীয় থেকে সাহায্য।
কর্কট : কর্মে মানসিক চাপ, চিন্তামুক্ত থাকুন।
মকর : সাফল্য আসবে, উপকৃত হবেন।
সিংহ : রিক্ত হতে পারেন, সতর্ক থাকুন।
কুম্ভ : প্রতিবেশীর সঙ্গে শুভ যোগ।
কন্যা : নতুন কিছু করার চিন্তা।	মীন : অবসর কাটানো স্বজনদের সঙ্গে।
